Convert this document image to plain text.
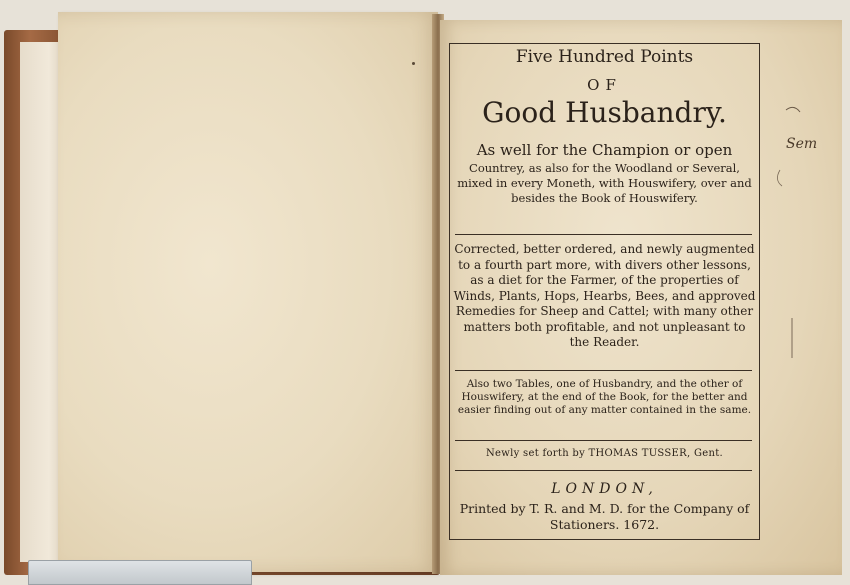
Five Hundred Points
OF
Good Husbandry.
As well for the Champion or open
Countrey, as also for the Woodland or Several, mixed in every Moneth, with Houswifery, over and besides the Book of Houswifery.
Corrected, better ordered, and newly augmented to a fourth part more, with divers other lessons, as a diet for the Farmer, of the properties of Winds, Plants, Hops, Hearbs, Bees, and approved Remedies for Sheep and Cattel; with many other matters both profitable, and not unpleasant to the Reader.
Also two Tables, one of Husbandry, and the other of Houswifery, at the end of the Book, for the better and easier finding out of any matter contained in the same.
Newly set forth by THOMAS TUSSER, Gent.
LONDON,
Printed by T. R. and M. D. for the Company of Stationers. 1672.
Sem
